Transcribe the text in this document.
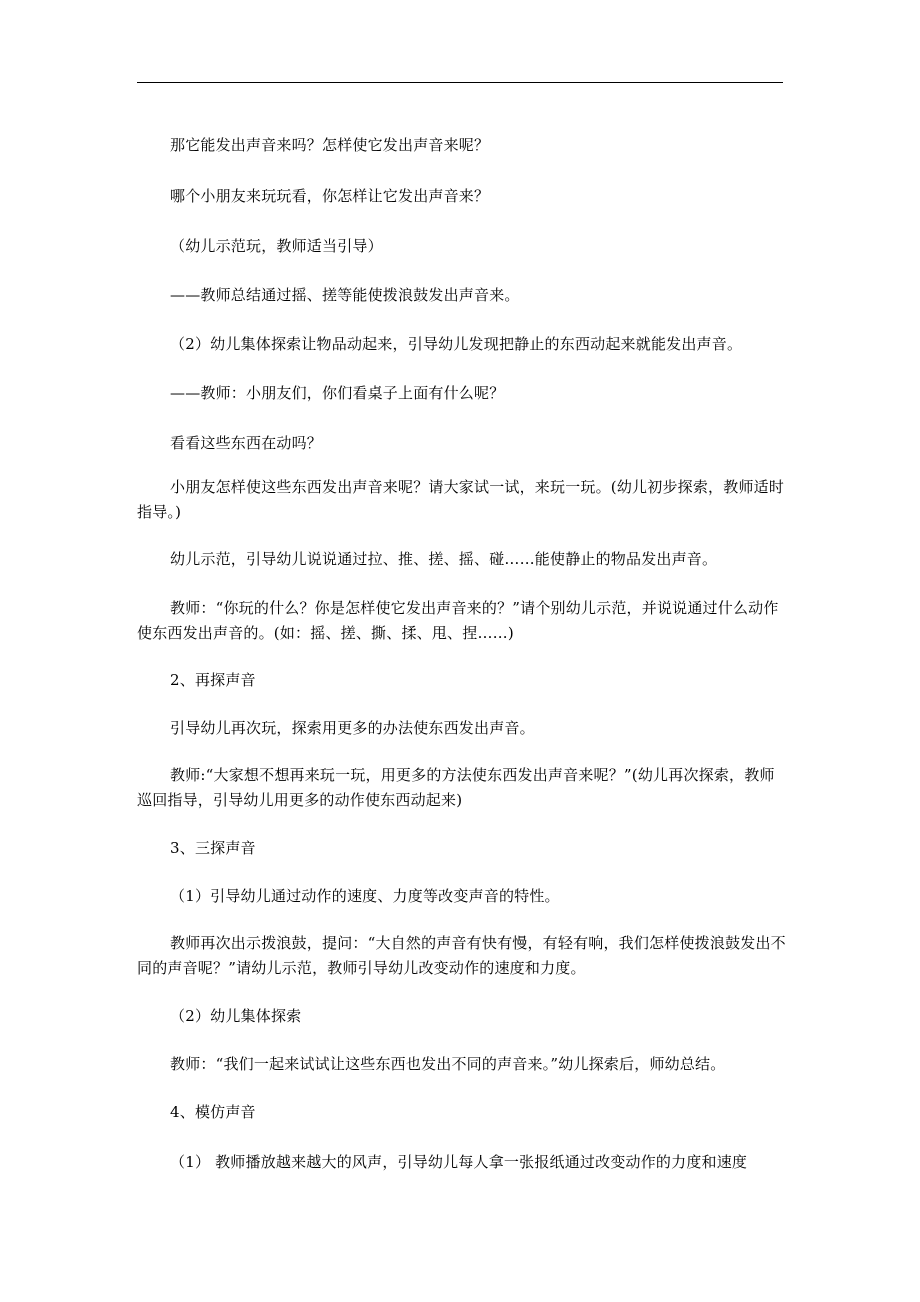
那它能发出声音来吗？怎样使它发出声音来呢？

哪个小朋友来玩玩看，你怎样让它发出声音来？

（幼儿示范玩，教师适当引导）

——教师总结通过摇、搓等能使拨浪鼓发出声音来。

（2）幼儿集体探索让物品动起来，引导幼儿发现把静止的东西动起来就能发出声音。

——教师：小朋友们，你们看桌子上面有什么呢？

看看这些东西在动吗？

小朋友怎样使这些东西发出声音来呢？请大家试一试，来玩一玩。(幼儿初步探索，教师适时指导。)

幼儿示范，引导幼儿说说通过拉、推、搓、摇、碰……能使静止的物品发出声音。

教师：“你玩的什么？你是怎样使它发出声音来的？”请个别幼儿示范，并说说通过什么动作使东西发出声音的。(如：摇、搓、撕、揉、甩、捏……)

2、再探声音

引导幼儿再次玩，探索用更多的办法使东西发出声音。

教师:“大家想不想再来玩一玩，用更多的方法使东西发出声音来呢？”(幼儿再次探索，教师巡回指导，引导幼儿用更多的动作使东西动起来)

3、三探声音

（1）引导幼儿通过动作的速度、力度等改变声音的特性。

教师再次出示拨浪鼓，提问：“大自然的声音有快有慢，有轻有响，我们怎样使拨浪鼓发出不同的声音呢？”请幼儿示范，教师引导幼儿改变动作的速度和力度。

（2）幼儿集体探索

教师：“我们一起来试试让这些东西也发出不同的声音来。”幼儿探索后，师幼总结。

4、模仿声音

（1） 教师播放越来越大的风声，引导幼儿每人拿一张报纸通过改变动作的力度和速度
